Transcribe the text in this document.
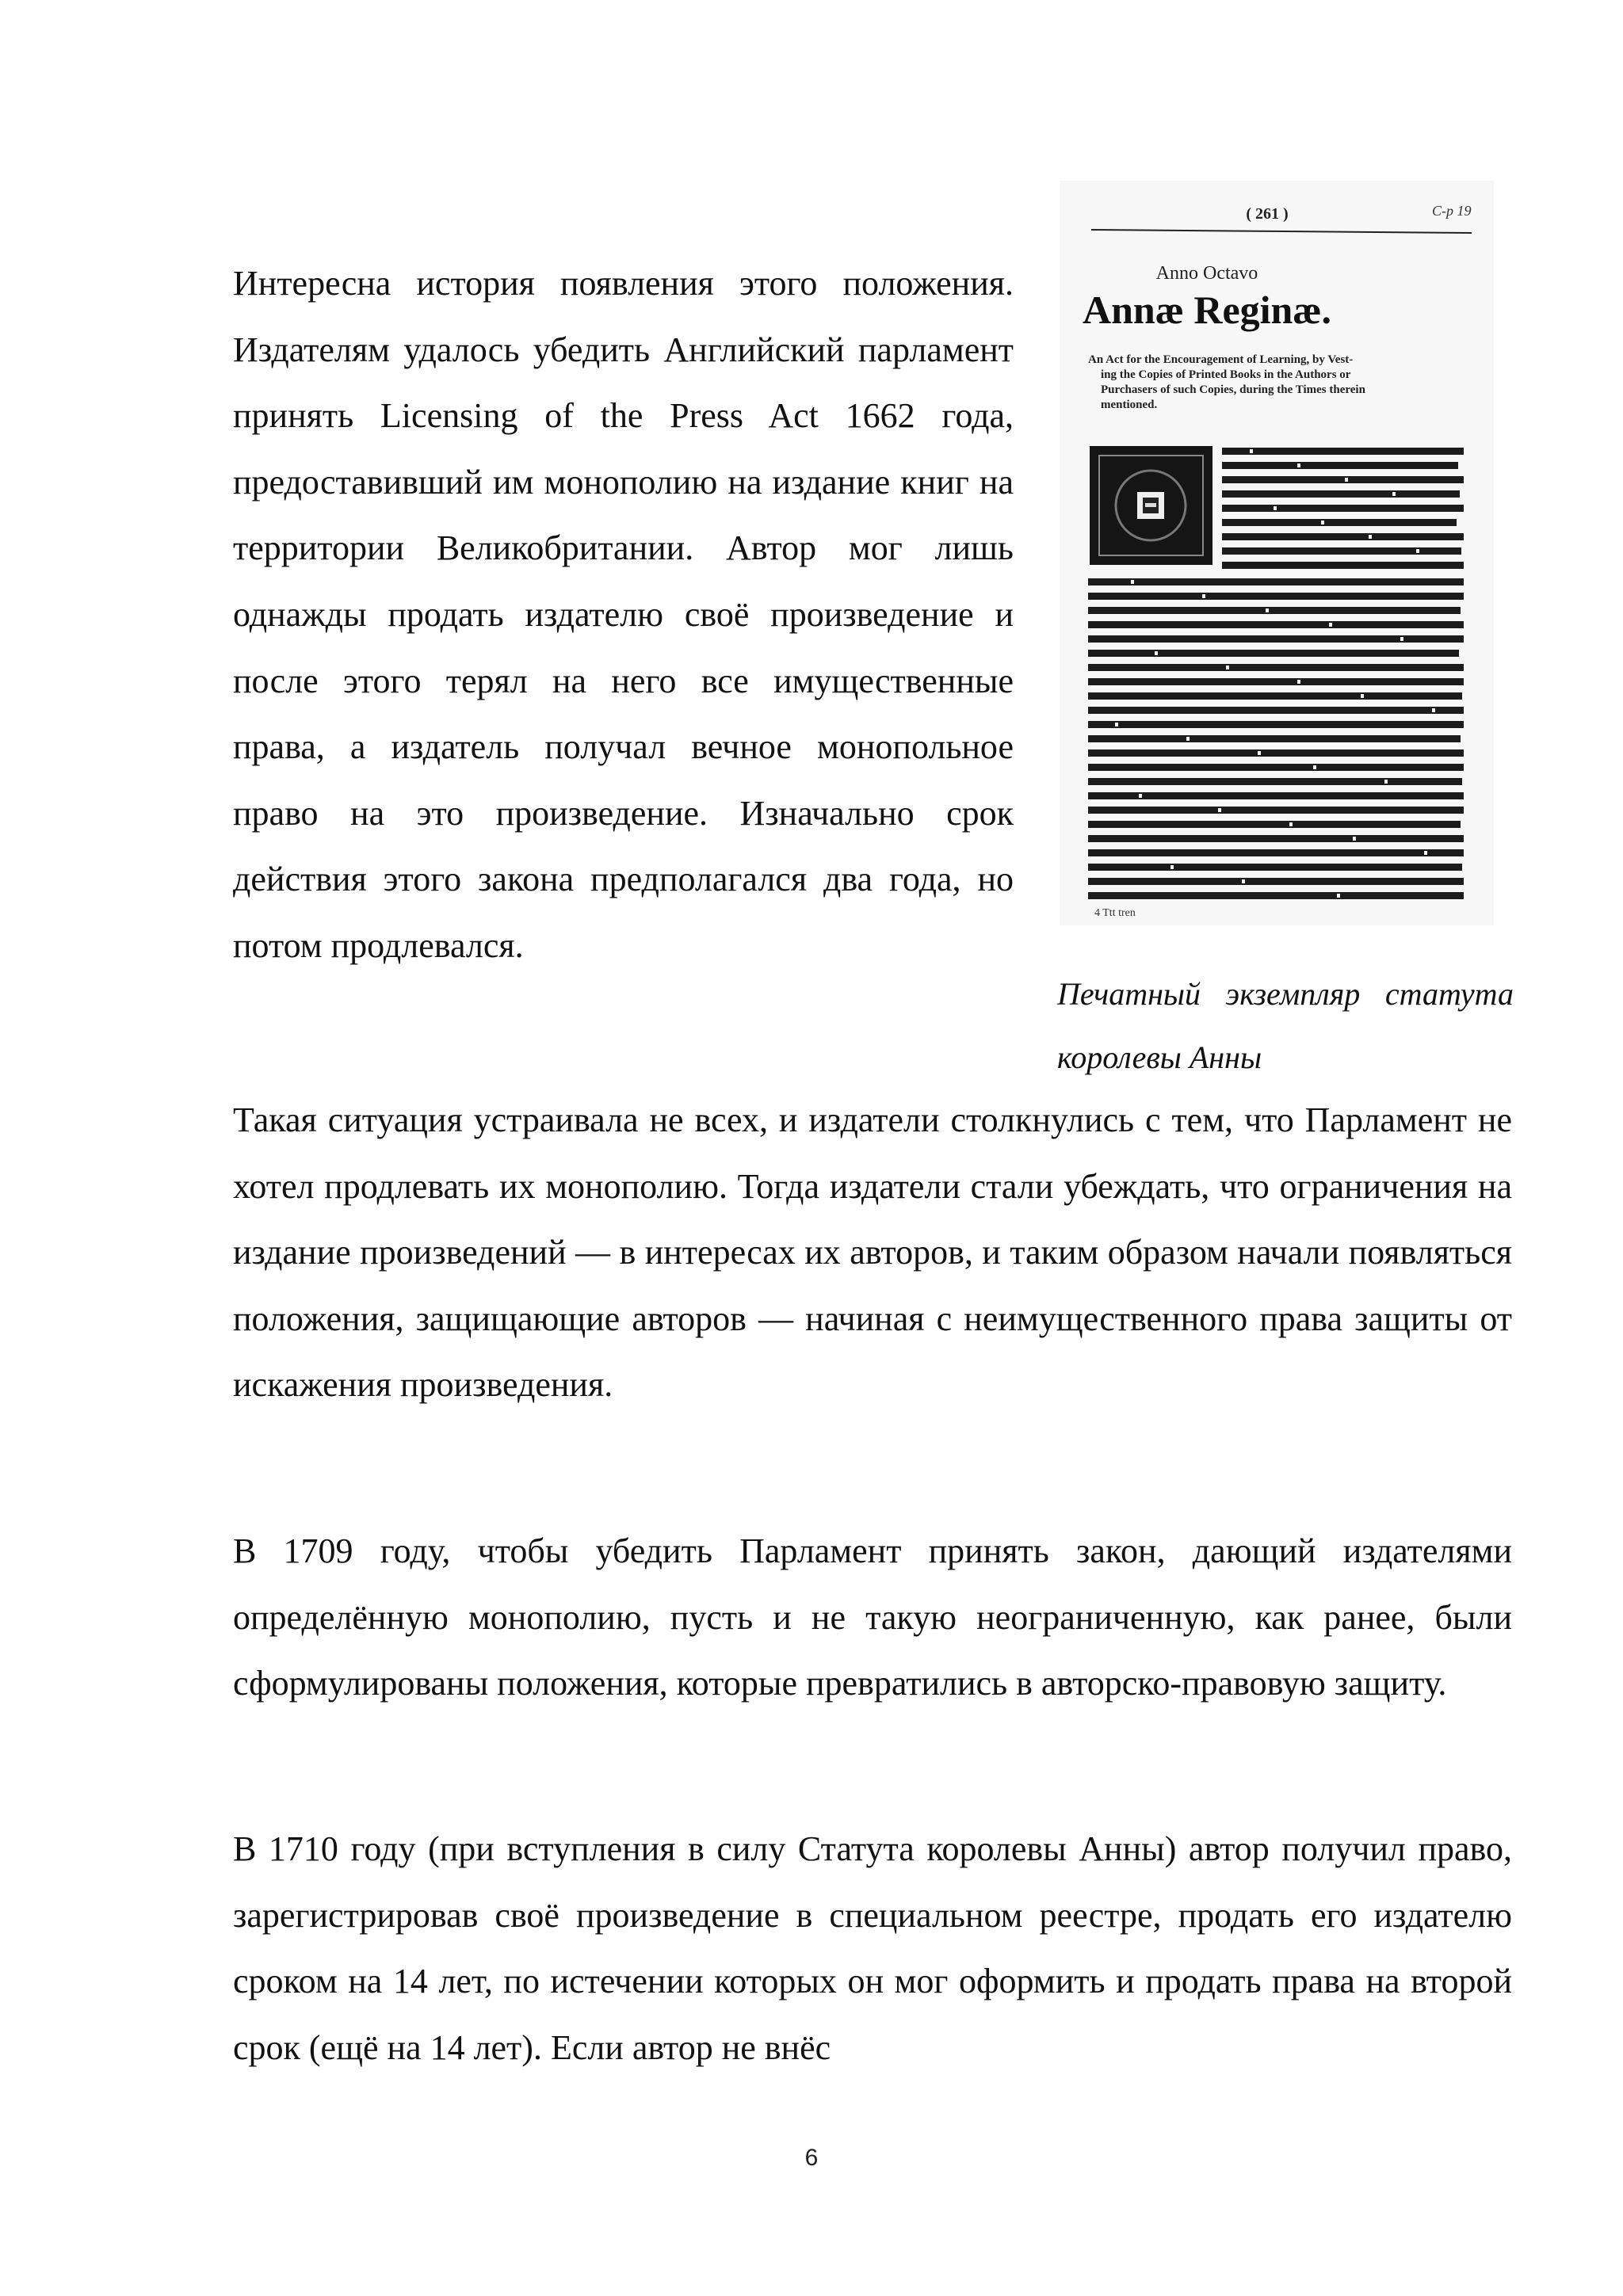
Интересна история появления этого положения. Издателям удалось убедить Английский парламент принять Licensing of the Press Act 1662 года, предоставивший им монополию на издание книг на территории Великобритании. Автор мог лишь однажды продать издателю своё произведение и после этого терял на него все имущественные права, а издатель получал вечное монопольное право на это произведение. Изначально срок действия этого закона предполагался два года, но потом продлевался.

( 261 )	C-p 19
Anno Octavo
Annæ Reginæ.
An Act for the Encouragement of Learning, by Vest-
ing the Copies of Printed Books in the Authors or
Purchasers of such Copies, during the Times therein
mentioned.
4 Ttt tren
Печатный экземпляр статута королевы Анны

Такая ситуация устраивала не всех, и издатели столкнулись с тем, что Парламент не хотел продлевать их монополию. Тогда издатели стали убеждать, что ограничения на издание произведений — в интересах их авторов, и таким образом начали появляться положения, защищающие авторов — начиная с неимущественного права защиты от искажения произведения.

В 1709 году, чтобы убедить Парламент принять закон, дающий издателями определённую монополию, пусть и не такую неограниченную, как ранее, были сформулированы положения, которые превратились в авторско-правовую защиту.

В 1710 году (при вступления в силу Статута королевы Анны) автор получил право, зарегистрировав своё произведение в специальном реестре, продать его издателю сроком на 14 лет, по истечении которых он мог оформить и продать права на второй срок (ещё на 14 лет). Если автор не внёс

6
